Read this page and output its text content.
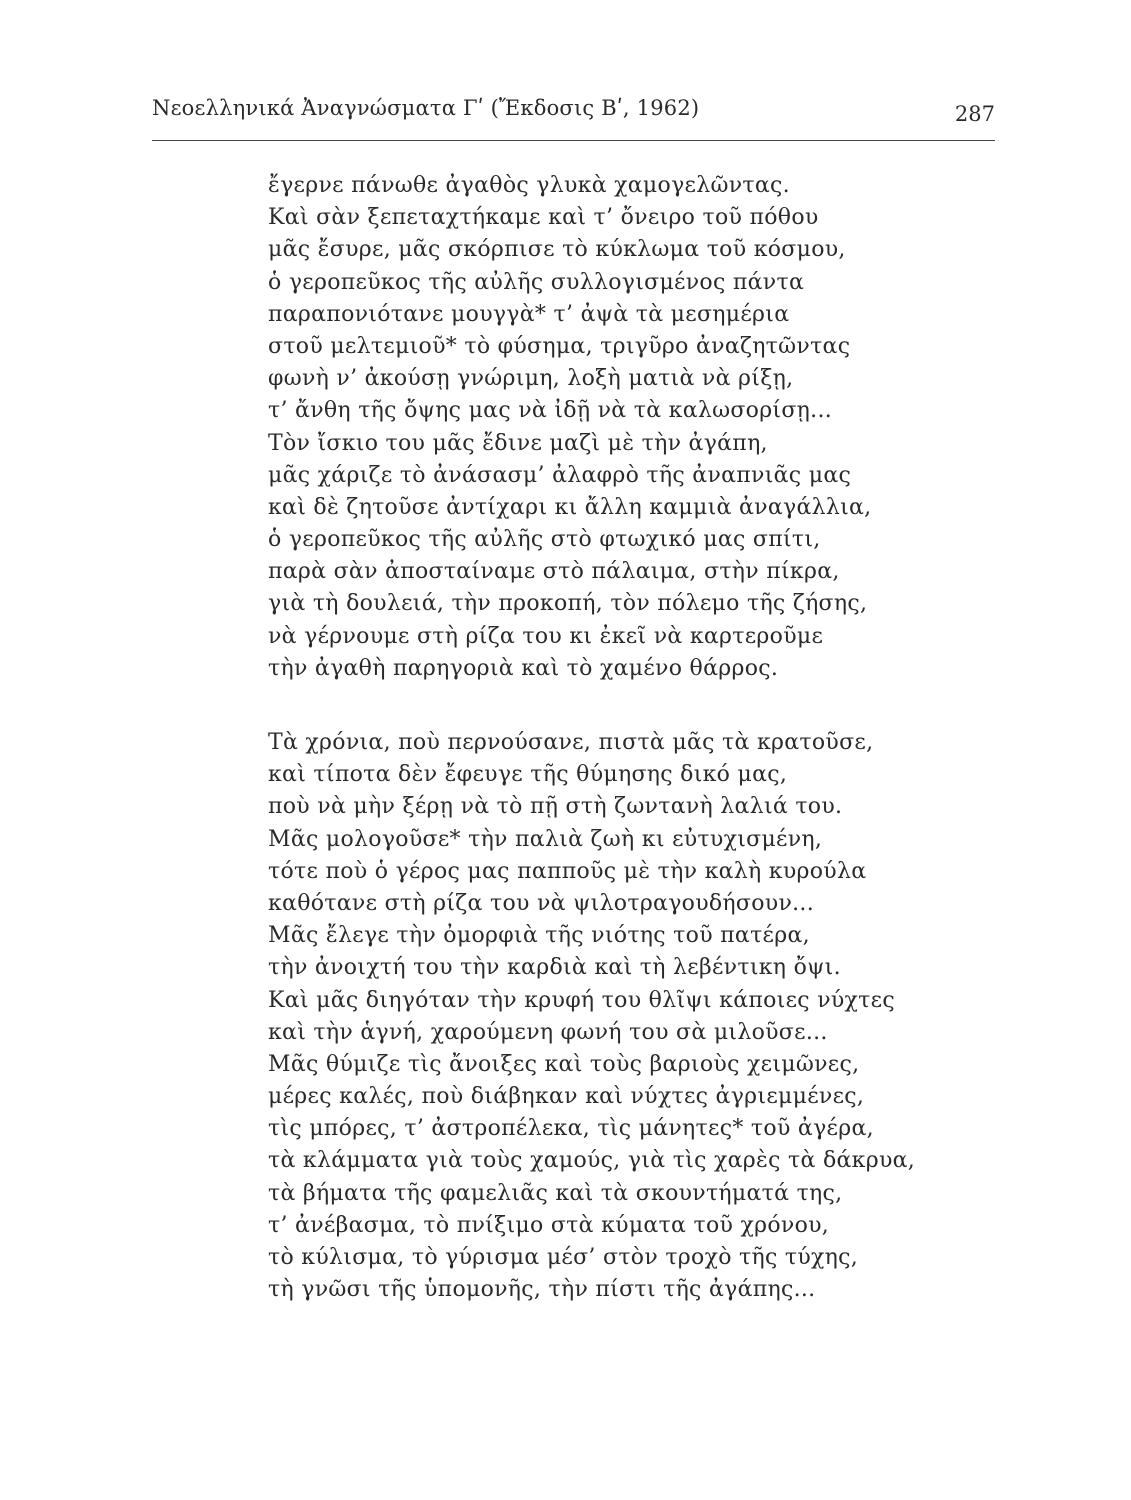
Νεοελληνικά Ἀναγνώσματα Γʹ (Ἔκδοσις Βʹ, 1962)	287
ἔγερνε πάνωθε ἀγαθὸς γλυκὰ χαμογελῶντας.
Καὶ σὰν ξεπεταχτήκαμε καὶ τ’ ὄνειρο τοῦ πόθου
μᾶς ἔσυρε, μᾶς σκόρπισε τὸ κύκλωμα τοῦ κόσμου,
ὁ γεροπεῦκος τῆς αὐλῆς συλλογισμένος πάντα
παραπονιότανε μουγγὰ* τ’ ἀψὰ τὰ μεσημέρια
στοῦ μελτεμιοῦ* τὸ φύσημα, τριγῦρο ἀναζητῶντας
φωνὴ ν’ ἀκούσῃ γνώριμη, λοξὴ ματιὰ νὰ ρίξῃ,
τ’ ἄνθη τῆς ὄψης μας νὰ ἰδῇ νὰ τὰ καλωσορίσῃ...
Τὸν ἴσκιο του μᾶς ἔδινε μαζὶ μὲ τὴν ἀγάπη,
μᾶς χάριζε τὸ ἀνάσασμ’ ἀλαφρὸ τῆς ἀναπνιᾶς μας
καὶ δὲ ζητοῦσε ἀντίχαρι κι ἄλλη καμμιὰ ἀναγάλλια,
ὁ γεροπεῦκος τῆς αὐλῆς στὸ φτωχικό μας σπίτι,
παρὰ σὰν ἀποσταίναμε στὸ πάλαιμα, στὴν πίκρα,
γιὰ τὴ δουλειά, τὴν προκοπή, τὸν πόλεμο τῆς ζήσης,
νὰ γέρνουμε στὴ ρίζα του κι ἐκεῖ νὰ καρτεροῦμε
τὴν ἀγαθὴ παρηγοριὰ καὶ τὸ χαμένο θάρρος.
Τὰ χρόνια, ποὺ περνούσανε, πιστὰ μᾶς τὰ κρατοῦσε,
καὶ τίποτα δὲν ἔφευγε τῆς θύμησης δικό μας,
ποὺ νὰ μὴν ξέρῃ νὰ τὸ πῇ στὴ ζωντανὴ λαλιά του.
Μᾶς μολογοῦσε* τὴν παλιὰ ζωὴ κι εὐτυχισμένη,
τότε ποὺ ὁ γέρος μας παπποῦς μὲ τὴν καλὴ κυρούλα
καθότανε στὴ ρίζα του νὰ ψιλοτραγουδήσουν...
Μᾶς ἔλεγε τὴν ὀμορφιὰ τῆς νιότης τοῦ πατέρα,
τὴν ἀνοιχτή του τὴν καρδιὰ καὶ τὴ λεβέντικη ὄψι.
Καὶ μᾶς διηγόταν τὴν κρυφή του θλῖψι κάποιες νύχτες
καὶ τὴν ἁγνή, χαρούμενη φωνή του σὰ μιλοῦσε...
Μᾶς θύμιζε τὶς ἄνοιξες καὶ τοὺς βαριοὺς χειμῶνες,
μέρες καλές, ποὺ διάβηκαν καὶ νύχτες ἀγριεμμένες,
τὶς μπόρες, τ’ ἀστροπέλεκα, τὶς μάνητες* τοῦ ἀγέρα,
τὰ κλάμματα γιὰ τοὺς χαμούς, γιὰ τὶς χαρὲς τὰ δάκρυα,
τὰ βήματα τῆς φαμελιᾶς καὶ τὰ σκουντήματά της,
τ’ ἀνέβασμα, τὸ πνίξιμο στὰ κύματα τοῦ χρόνου,
τὸ κύλισμα, τὸ γύρισμα μέσ’ στὸν τροχὸ τῆς τύχης,
τὴ γνῶσι τῆς ὑπομονῆς, τὴν πίστι τῆς ἀγάπης...
